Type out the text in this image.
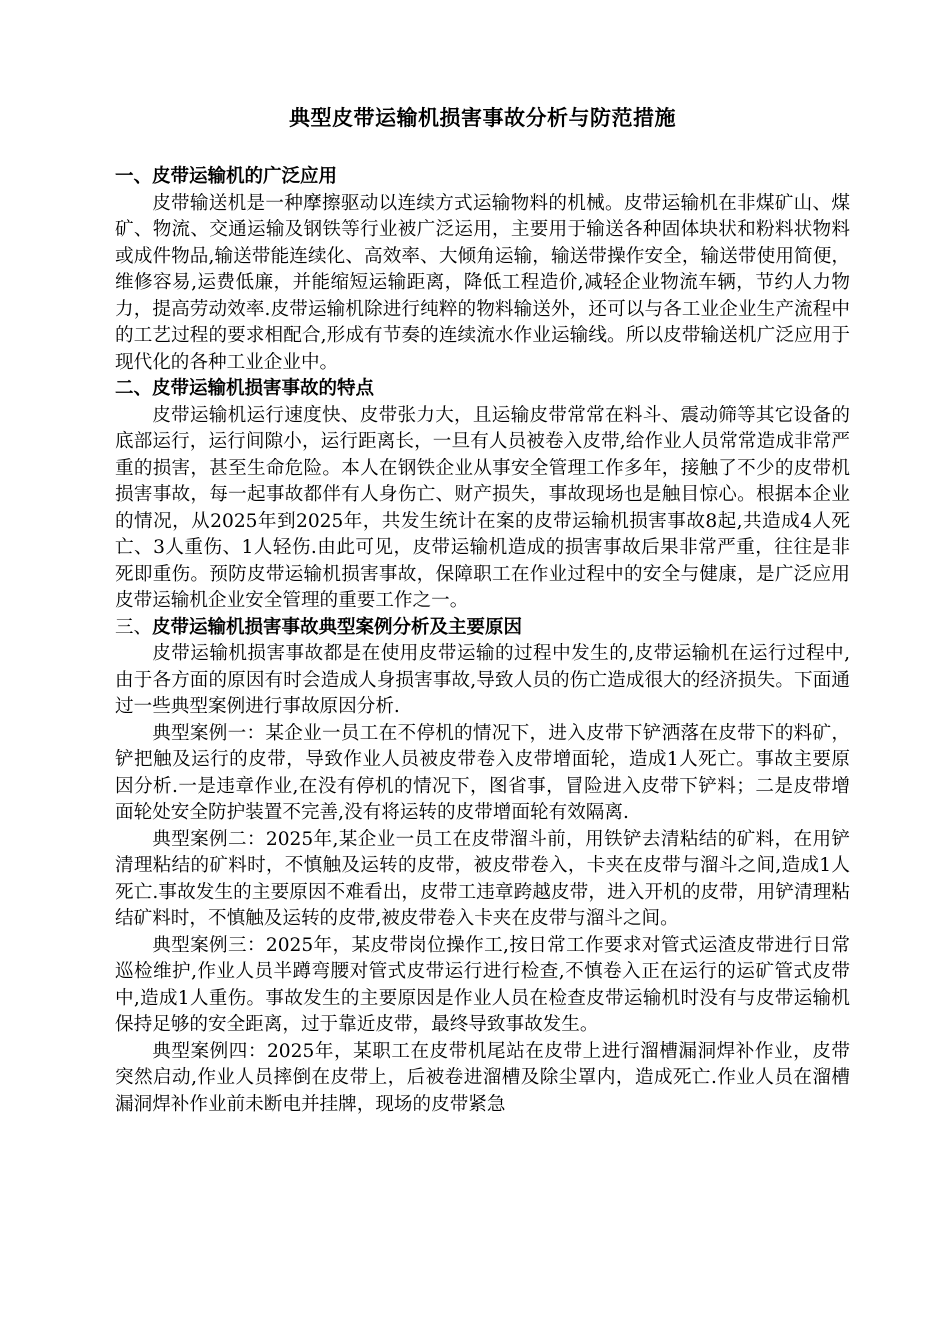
典型皮带运输机损害事故分析与防范措施
一、皮带运输机的广泛应用

皮带输送机是一种摩擦驱动以连续方式运输物料的机械。皮带运输机在非煤矿山、煤矿、物流、交通运输及钢铁等行业被广泛运用，主要用于输送各种固体块状和粉料状物料或成件物品,输送带能连续化、高效率、大倾角运输，输送带操作安全，输送带使用简便，维修容易,运费低廉，并能缩短运输距离，降低工程造价,减轻企业物流车辆，节约人力物力，提高劳动效率.皮带运输机除进行纯粹的物料输送外，还可以与各工业企业生产流程中的工艺过程的要求相配合,形成有节奏的连续流水作业运输线。所以皮带输送机广泛应用于现代化的各种工业企业中。

二、皮带运输机损害事故的特点

皮带运输机运行速度快、皮带张力大，且运输皮带常常在料斗、震动筛等其它设备的底部运行，运行间隙小，运行距离长，一旦有人员被卷入皮带,给作业人员常常造成非常严重的损害，甚至生命危险。本人在钢铁企业从事安全管理工作多年，接触了不少的皮带机损害事故，每一起事故都伴有人身伤亡、财产损失，事故现场也是触目惊心。根据本企业的情况，从2025年到2025年，共发生统计在案的皮带运输机损害事故8起,共造成4人死亡、3人重伤、1人轻伤.由此可见，皮带运输机造成的损害事故后果非常严重，往往是非死即重伤。预防皮带运输机损害事故，保障职工在作业过程中的安全与健康，是广泛应用皮带运输机企业安全管理的重要工作之一。

三、皮带运输机损害事故典型案例分析及主要原因

皮带运输机损害事故都是在使用皮带运输的过程中发生的,皮带运输机在运行过程中,由于各方面的原因有时会造成人身损害事故,导致人员的伤亡造成很大的经济损失。下面通过一些典型案例进行事故原因分析.

典型案例一：某企业一员工在不停机的情况下，进入皮带下铲洒落在皮带下的料矿，铲把触及运行的皮带，导致作业人员被皮带卷入皮带增面轮，造成1人死亡。事故主要原因分析.一是违章作业,在没有停机的情况下，图省事，冒险进入皮带下铲料；二是皮带增面轮处安全防护装置不完善,没有将运转的皮带增面轮有效隔离.

典型案例二：2025年,某企业一员工在皮带溜斗前，用铁铲去清粘结的矿料，在用铲清理粘结的矿料时，不慎触及运转的皮带，被皮带卷入，卡夹在皮带与溜斗之间,造成1人死亡.事故发生的主要原因不难看出，皮带工违章跨越皮带，进入开机的皮带，用铲清理粘结矿料时，不慎触及运转的皮带,被皮带卷入卡夹在皮带与溜斗之间。

典型案例三：2025年，某皮带岗位操作工,按日常工作要求对管式运渣皮带进行日常巡检维护,作业人员半蹲弯腰对管式皮带运行进行检查,不慎卷入正在运行的运矿管式皮带中,造成1人重伤。事故发生的主要原因是作业人员在检查皮带运输机时没有与皮带运输机保持足够的安全距离，过于靠近皮带，最终导致事故发生。

典型案例四：2025年，某职工在皮带机尾站在皮带上进行溜槽漏洞焊补作业，皮带突然启动,作业人员摔倒在皮带上，后被卷进溜槽及除尘罩内，造成死亡.作业人员在溜槽漏洞焊补作业前未断电并挂牌，现场的皮带紧急
